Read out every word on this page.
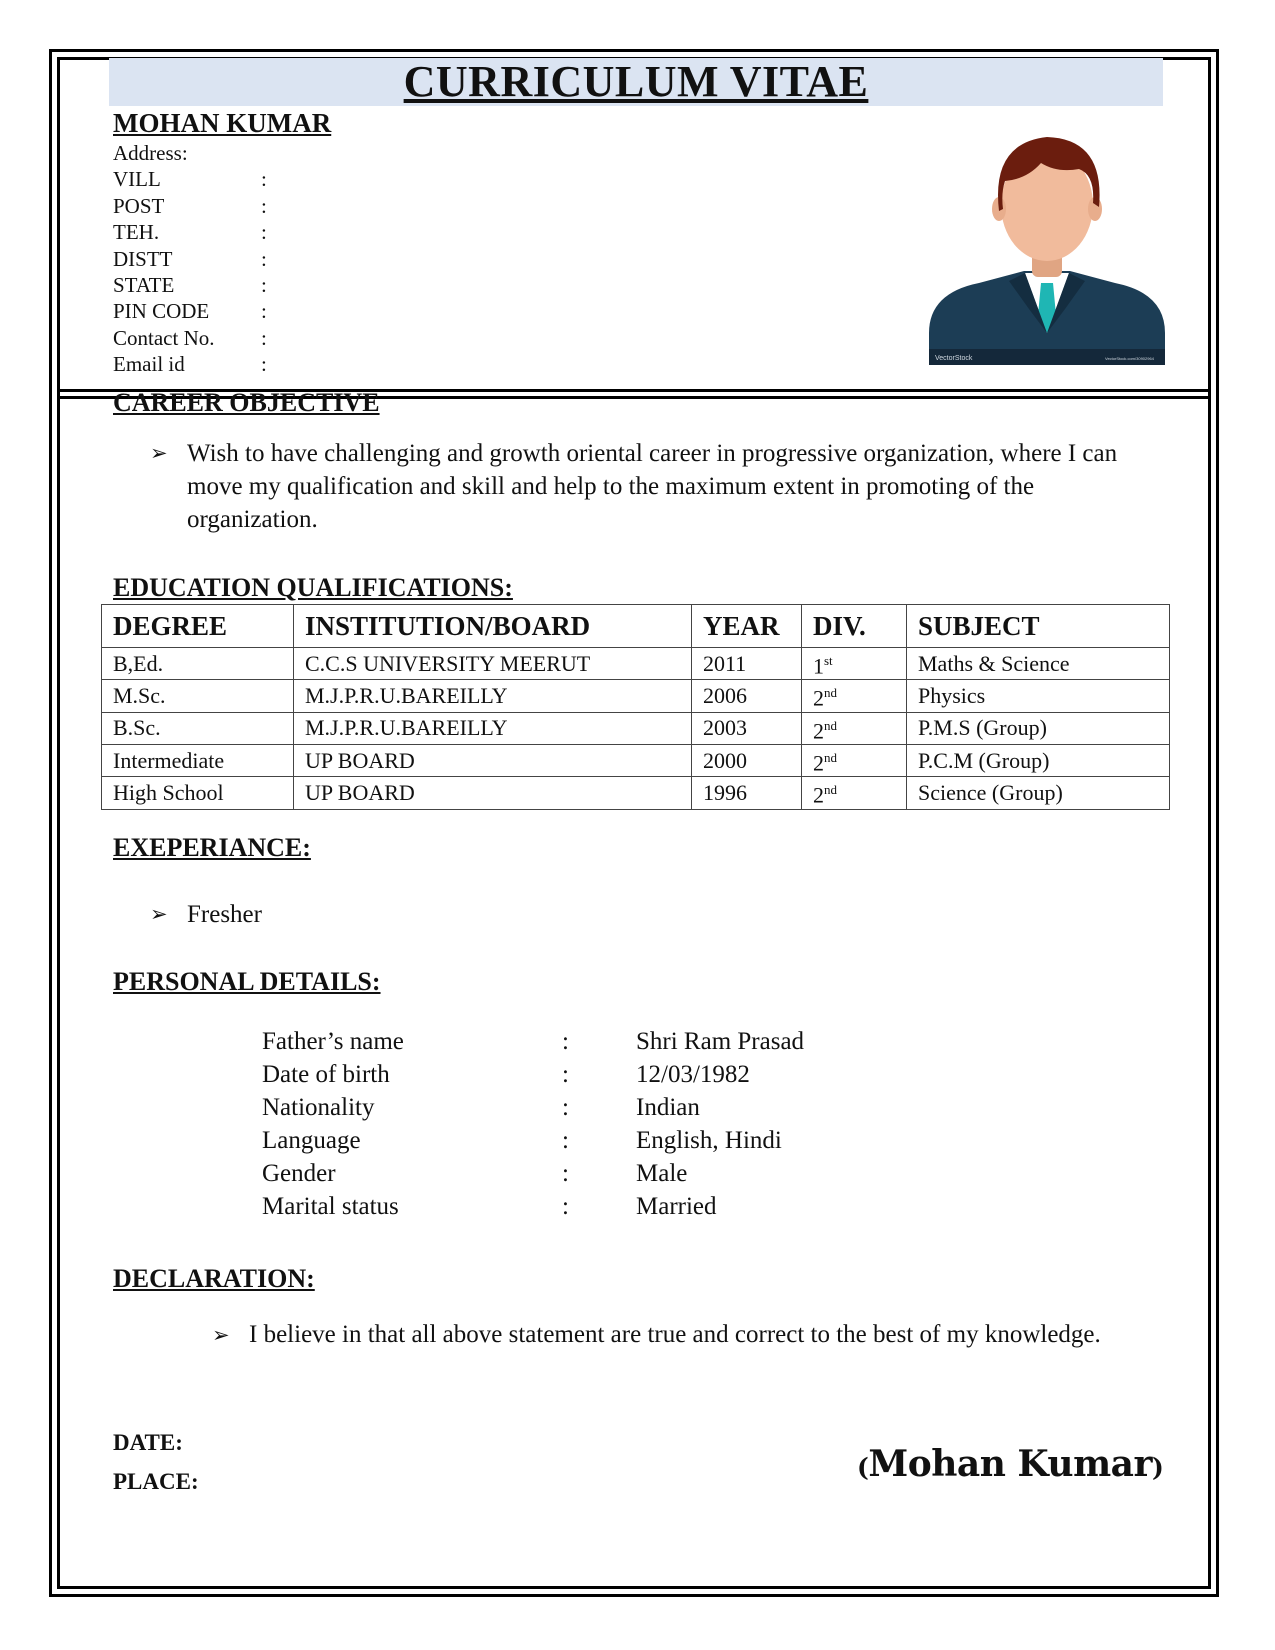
CURRICULUM VITAE
MOHAN KUMAR
Address:
VILL	:
POST	:
TEH.	:
DISTT	:
STATE	:
PIN CODE :
Contact No. :
Email id	:	VectorStock	VectorStock.com/30902964
CAREER OBJECTIVE
➢ Wish to have challenging and growth oriental career in progressive organization, where I can move my qualification and skill and help to the maximum extent in promoting of the organization.
EDUCATION QUALIFICATIONS:
DEGREE	INSTITUTION/BOARD	YEAR	DIV.	SUBJECT
B,Ed.	C.C.S UNIVERSITY MEERUT	2011	1st	Maths & Science
M.Sc.	M.J.P.R.U.BAREILLY	2006	2nd	Physics
B.Sc.	M.J.P.R.U.BAREILLY	2003	2nd	P.M.S (Group)
Intermediate	UP BOARD	2000	2nd	P.C.M (Group)
High School	UP BOARD	1996	2nd	Science (Group)
EXEPERIANCE:
➢ Fresher
PERSONAL DETAILS:
Father’s name	:	Shri Ram Prasad
Date of birth	:	12/03/1982
Nationality	:	Indian
Language	:	English, Hindi
Gender	:	Male
Marital status	:	Married
DECLARATION:
➢ I believe in that all above statement are true and correct to the best of my knowledge.
DATE:
PLACE:	(Mohan Kumar)
